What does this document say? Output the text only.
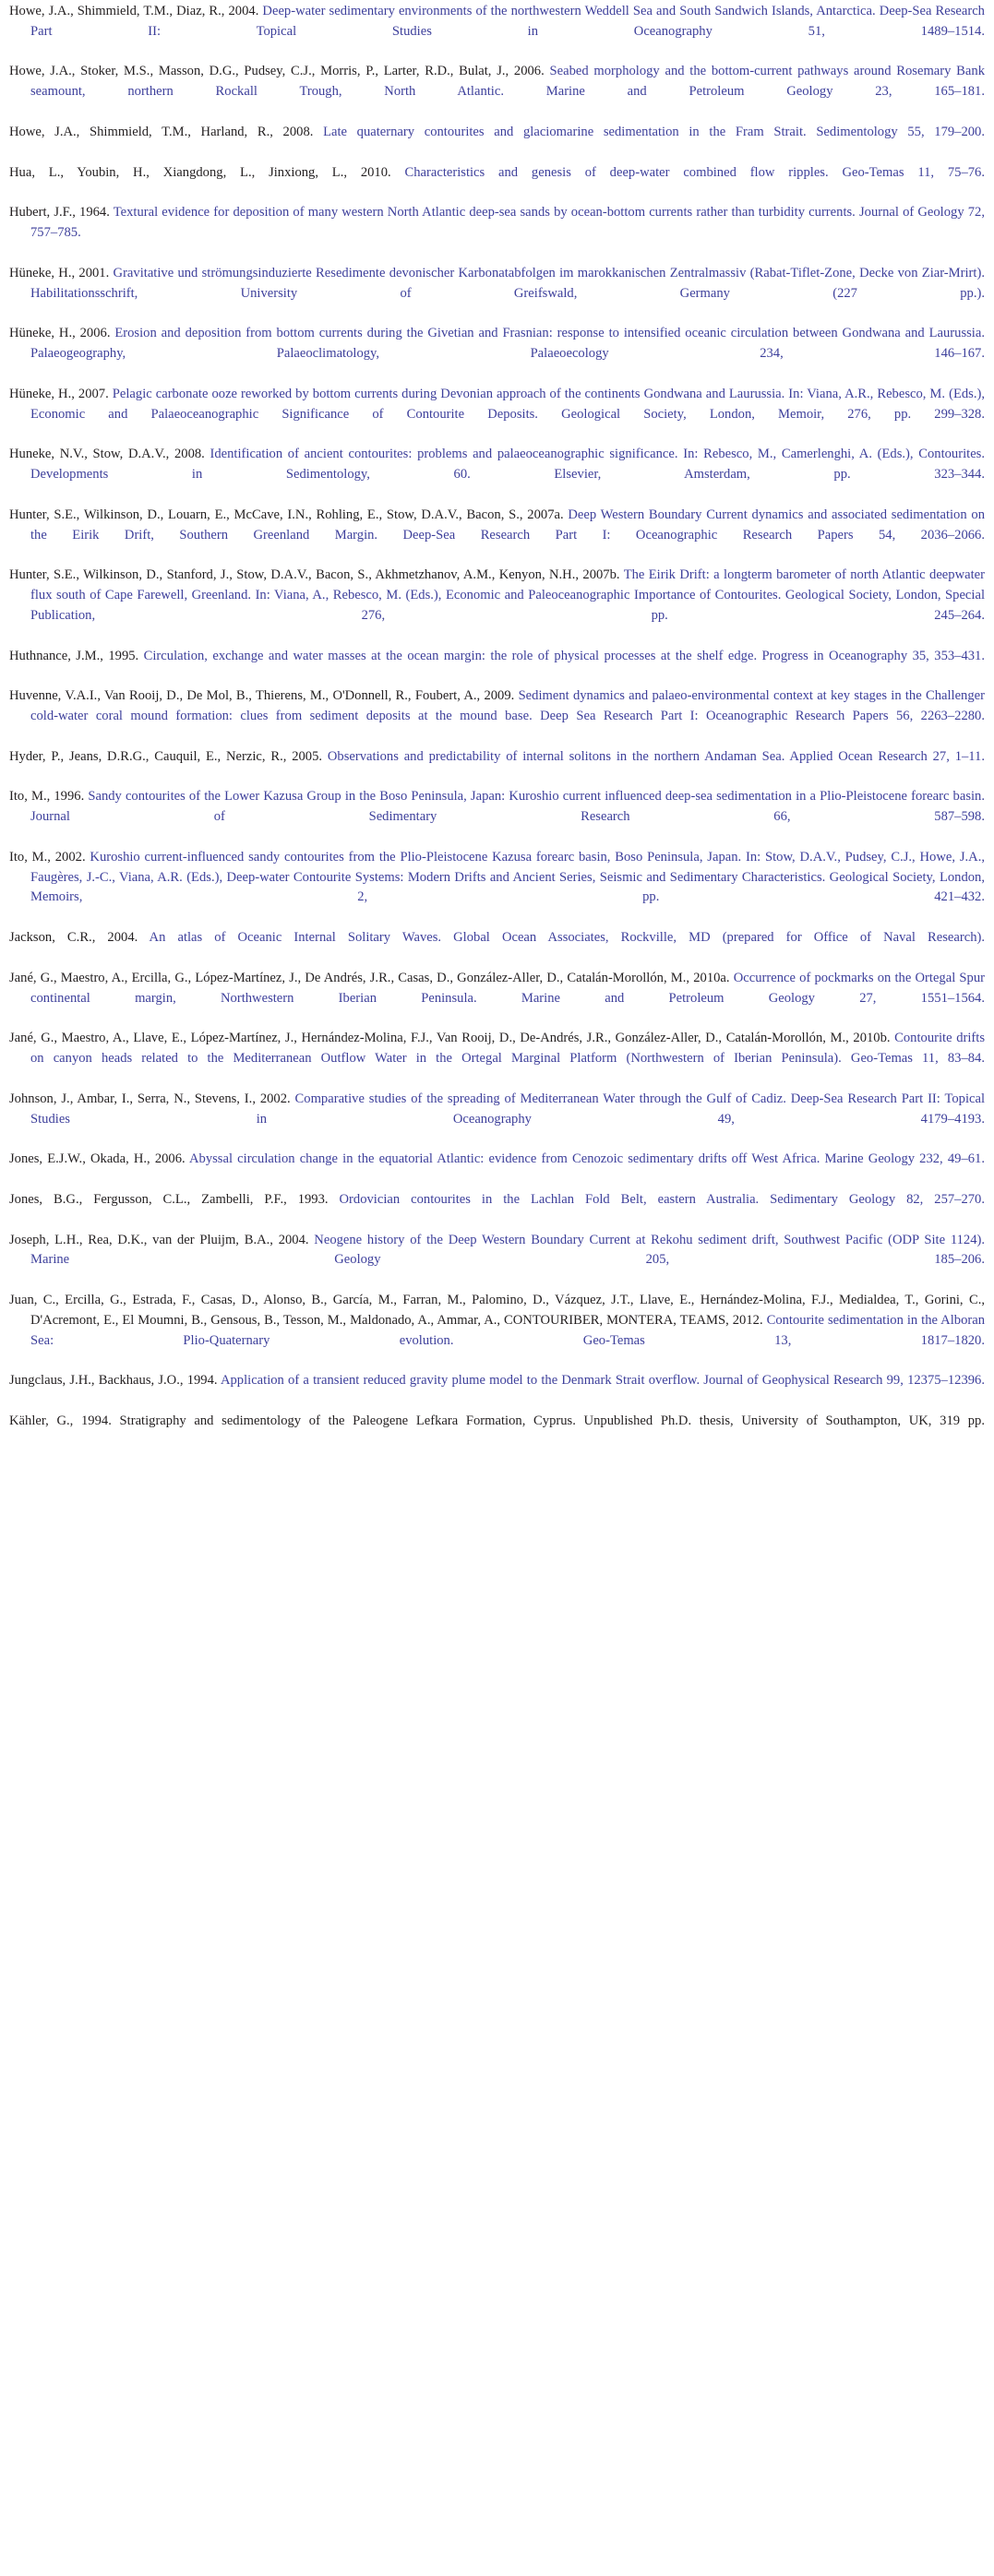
Howe, J.A., Shimmield, T.M., Diaz, R., 2004. Deep-water sedimentary environments of the northwestern Weddell Sea and South Sandwich Islands, Antarctica. Deep-Sea Research Part II: Topical Studies in Oceanography 51, 1489–1514.

Howe, J.A., Stoker, M.S., Masson, D.G., Pudsey, C.J., Morris, P., Larter, R.D., Bulat, J., 2006. Seabed morphology and the bottom-current pathways around Rosemary Bank seamount, northern Rockall Trough, North Atlantic. Marine and Petroleum Geology 23, 165–181.

Howe, J.A., Shimmield, T.M., Harland, R., 2008. Late quaternary contourites and glaciomarine sedimentation in the Fram Strait. Sedimentology 55, 179–200.

Hua, L., Youbin, H., Xiangdong, L., Jinxiong, L., 2010. Characteristics and genesis of deep-water combined flow ripples. Geo-Temas 11, 75–76.

Hubert, J.F., 1964. Textural evidence for deposition of many western North Atlantic deep-sea sands by ocean-bottom currents rather than turbidity currents. Journal of Geology 72, 757–785.

Hüneke, H., 2001. Gravitative und strömungsinduzierte Resedimente devonischer Karbonatabfolgen im marokkanischen Zentralmassiv (Rabat-Tiflet-Zone, Decke von Ziar-Mrirt). Habilitationsschrift, University of Greifswald, Germany (227 pp.).

Hüneke, H., 2006. Erosion and deposition from bottom currents during the Givetian and Frasnian: response to intensified oceanic circulation between Gondwana and Laurussia. Palaeogeography, Palaeoclimatology, Palaeoecology 234, 146–167.

Hüneke, H., 2007. Pelagic carbonate ooze reworked by bottom currents during Devonian approach of the continents Gondwana and Laurussia. In: Viana, A.R., Rebesco, M. (Eds.), Economic and Palaeoceanographic Significance of Contourite Deposits. Geological Society, London, Memoir, 276, pp. 299–328.

Huneke, N.V., Stow, D.A.V., 2008. Identification of ancient contourites: problems and palaeoceanographic significance. In: Rebesco, M., Camerlenghi, A. (Eds.), Contourites. Developments in Sedimentology, 60. Elsevier, Amsterdam, pp. 323–344.

Hunter, S.E., Wilkinson, D., Louarn, E., McCave, I.N., Rohling, E., Stow, D.A.V., Bacon, S., 2007a. Deep Western Boundary Current dynamics and associated sedimentation on the Eirik Drift, Southern Greenland Margin. Deep-Sea Research Part I: Oceanographic Research Papers 54, 2036–2066.

Hunter, S.E., Wilkinson, D., Stanford, J., Stow, D.A.V., Bacon, S., Akhmetzhanov, A.M., Kenyon, N.H., 2007b. The Eirik Drift: a longterm barometer of north Atlantic deepwater flux south of Cape Farewell, Greenland. In: Viana, A., Rebesco, M. (Eds.), Economic and Paleoceanographic Importance of Contourites. Geological Society, London, Special Publication, 276, pp. 245–264.

Huthnance, J.M., 1995. Circulation, exchange and water masses at the ocean margin: the role of physical processes at the shelf edge. Progress in Oceanography 35, 353–431.

Huvenne, V.A.I., Van Rooij, D., De Mol, B., Thierens, M., O'Donnell, R., Foubert, A., 2009. Sediment dynamics and palaeo-environmental context at key stages in the Challenger cold-water coral mound formation: clues from sediment deposits at the mound base. Deep Sea Research Part I: Oceanographic Research Papers 56, 2263–2280.

Hyder, P., Jeans, D.R.G., Cauquil, E., Nerzic, R., 2005. Observations and predictability of internal solitons in the northern Andaman Sea. Applied Ocean Research 27, 1–11.

Ito, M., 1996. Sandy contourites of the Lower Kazusa Group in the Boso Peninsula, Japan: Kuroshio current influenced deep-sea sedimentation in a Plio-Pleistocene forearc basin. Journal of Sedimentary Research 66, 587–598.

Ito, M., 2002. Kuroshio current-influenced sandy contourites from the Plio-Pleistocene Kazusa forearc basin, Boso Peninsula, Japan. In: Stow, D.A.V., Pudsey, C.J., Howe, J.A., Faugères, J.-C., Viana, A.R. (Eds.), Deep-water Contourite Systems: Modern Drifts and Ancient Series, Seismic and Sedimentary Characteristics. Geological Society, London, Memoirs, 2, pp. 421–432.

Jackson, C.R., 2004. An atlas of Oceanic Internal Solitary Waves. Global Ocean Associates, Rockville, MD (prepared for Office of Naval Research).

Jané, G., Maestro, A., Ercilla, G., López-Martínez, J., De Andrés, J.R., Casas, D., González-Aller, D., Catalán-Morollón, M., 2010a. Occurrence of pockmarks on the Ortegal Spur continental margin, Northwestern Iberian Peninsula. Marine and Petroleum Geology 27, 1551–1564.

Jané, G., Maestro, A., Llave, E., López-Martínez, J., Hernández-Molina, F.J., Van Rooij, D., De-Andrés, J.R., González-Aller, D., Catalán-Morollón, M., 2010b. Contourite drifts on canyon heads related to the Mediterranean Outflow Water in the Ortegal Marginal Platform (Northwestern of Iberian Peninsula). Geo-Temas 11, 83–84.

Johnson, J., Ambar, I., Serra, N., Stevens, I., 2002. Comparative studies of the spreading of Mediterranean Water through the Gulf of Cadiz. Deep-Sea Research Part II: Topical Studies in Oceanography 49, 4179–4193.

Jones, E.J.W., Okada, H., 2006. Abyssal circulation change in the equatorial Atlantic: evidence from Cenozoic sedimentary drifts off West Africa. Marine Geology 232, 49–61.

Jones, B.G., Fergusson, C.L., Zambelli, P.F., 1993. Ordovician contourites in the Lachlan Fold Belt, eastern Australia. Sedimentary Geology 82, 257–270.

Joseph, L.H., Rea, D.K., van der Pluijm, B.A., 2004. Neogene history of the Deep Western Boundary Current at Rekohu sediment drift, Southwest Pacific (ODP Site 1124). Marine Geology 205, 185–206.

Juan, C., Ercilla, G., Estrada, F., Casas, D., Alonso, B., García, M., Farran, M., Palomino, D., Vázquez, J.T., Llave, E., Hernández-Molina, F.J., Medialdea, T., Gorini, C., D'Acremont, E., El Moumni, B., Gensous, B., Tesson, M., Maldonado, A., Ammar, A., CONTOURIBER, MONTERA, TEAMS, 2012. Contourite sedimentation in the Alboran Sea: Plio-Quaternary evolution. Geo-Temas 13, 1817–1820.

Jungclaus, J.H., Backhaus, J.O., 1994. Application of a transient reduced gravity plume model to the Denmark Strait overflow. Journal of Geophysical Research 99, 12375–12396.

Kähler, G., 1994. Stratigraphy and sedimentology of the Paleogene Lefkara Formation, Cyprus. Unpublished Ph.D. thesis, University of Southampton, UK, 319 pp.
